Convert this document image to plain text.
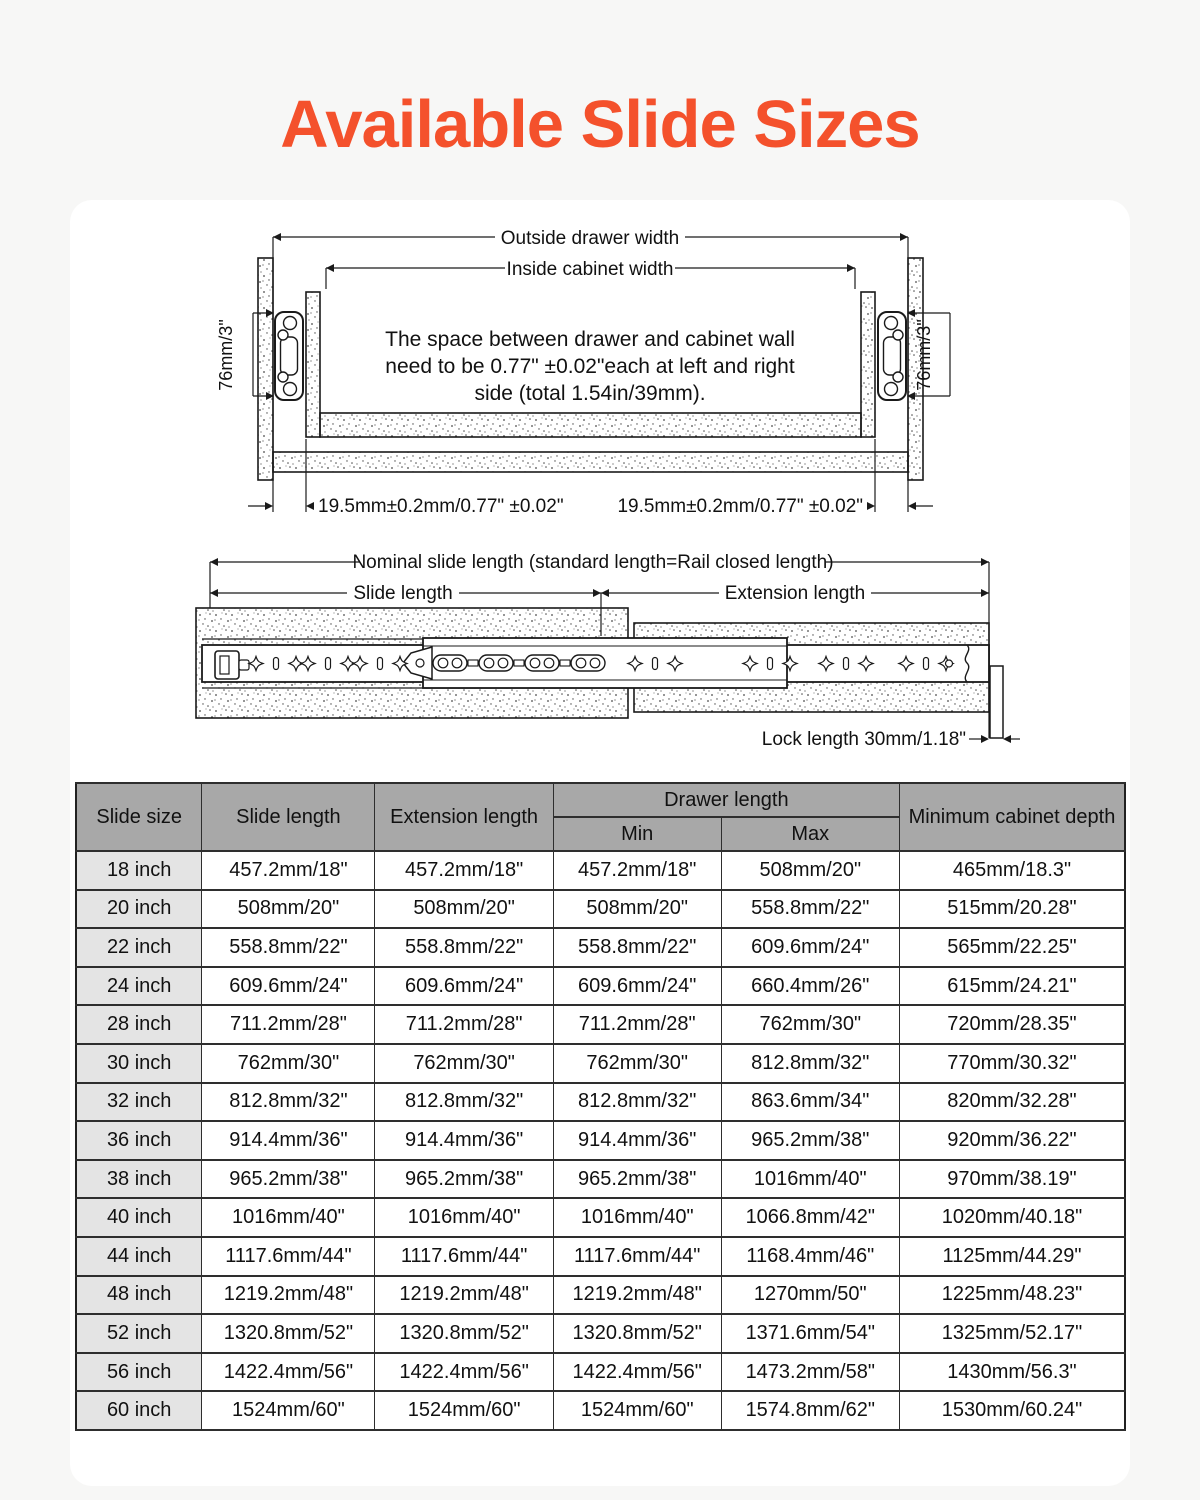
Available Slide Sizes
Outside drawer width
Inside cabinet width
The space between drawer and cabinet wall
need to be 0.77" ±0.02"each at left and right
side (total 1.54in/39mm).
76mm/3"	76mm/3"
19.5mm±0.2mm/0.77" ±0.02"	19.5mm±0.2mm/0.77" ±0.02"
Nominal slide length (standard length=Rail closed length)
Slide length	Extension length
Lock length 30mm/1.18"
Slide size	Slide length	Extension length	Drawer length		Minimum cabinet depth
			Min	Max	
18 inch	457.2mm/18"	457.2mm/18"	457.2mm/18"	508mm/20"	465mm/18.3"
20 inch	508mm/20"	508mm/20"	508mm/20"	558.8mm/22"	515mm/20.28"
22 inch	558.8mm/22"	558.8mm/22"	558.8mm/22"	609.6mm/24"	565mm/22.25"
24 inch	609.6mm/24"	609.6mm/24"	609.6mm/24"	660.4mm/26"	615mm/24.21"
28 inch	711.2mm/28"	711.2mm/28"	711.2mm/28"	762mm/30"	720mm/28.35"
30 inch	762mm/30"	762mm/30"	762mm/30"	812.8mm/32"	770mm/30.32"
32 inch	812.8mm/32"	812.8mm/32"	812.8mm/32"	863.6mm/34"	820mm/32.28"
36 inch	914.4mm/36"	914.4mm/36"	914.4mm/36"	965.2mm/38"	920mm/36.22"
38 inch	965.2mm/38"	965.2mm/38"	965.2mm/38"	1016mm/40"	970mm/38.19"
40 inch	1016mm/40"	1016mm/40"	1016mm/40"	1066.8mm/42"	1020mm/40.18"
44 inch	1117.6mm/44"	1117.6mm/44"	1117.6mm/44"	1168.4mm/46"	1125mm/44.29"
48 inch	1219.2mm/48"	1219.2mm/48"	1219.2mm/48"	1270mm/50"	1225mm/48.23"
52 inch	1320.8mm/52"	1320.8mm/52"	1320.8mm/52"	1371.6mm/54"	1325mm/52.17"
56 inch	1422.4mm/56"	1422.4mm/56"	1422.4mm/56"	1473.2mm/58"	1430mm/56.3"
60 inch	1524mm/60"	1524mm/60"	1524mm/60"	1574.8mm/62"	1530mm/60.24"
